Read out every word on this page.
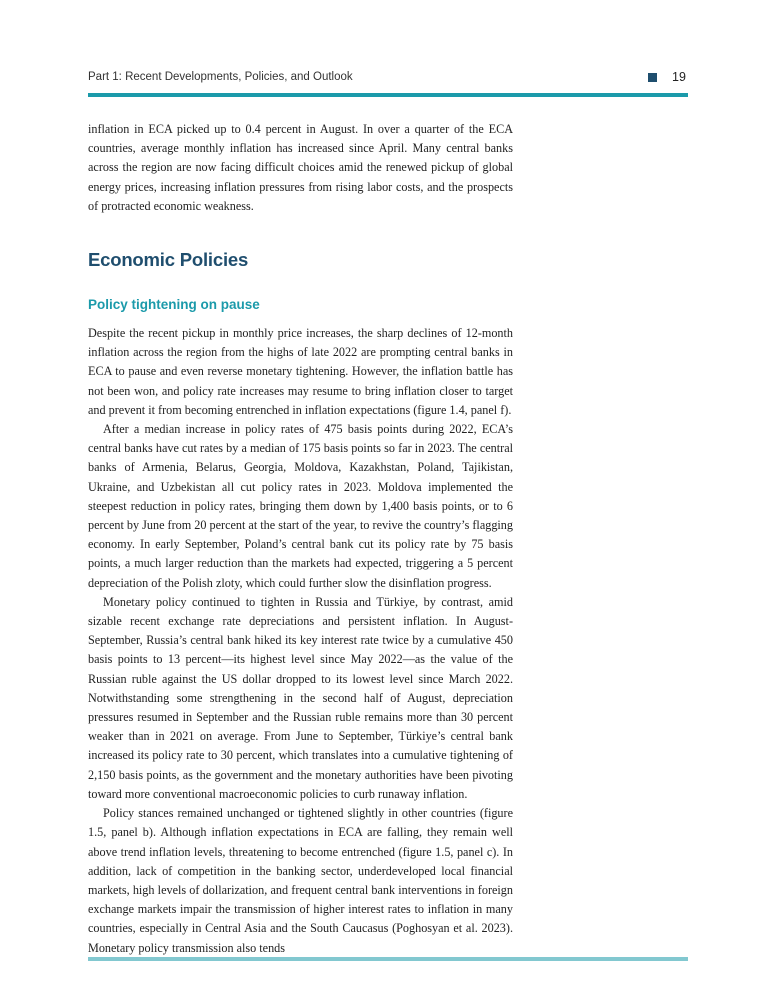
Part 1: Recent Developments, Policies, and Outlook	19

inflation in ECA picked up to 0.4 percent in August. In over a quarter of the ECA countries, average monthly inflation has increased since April. Many central banks across the region are now facing difficult choices amid the renewed pickup of global energy prices, increasing inflation pressures from rising labor costs, and the prospects of protracted economic weakness.

Economic Policies
Policy tightening on pause

Despite the recent pickup in monthly price increases, the sharp declines of 12-month inflation across the region from the highs of late 2022 are prompting central banks in ECA to pause and even reverse monetary tightening. However, the inflation battle has not been won, and policy rate increases may resume to bring inflation closer to target and prevent it from becoming entrenched in inflation expectations (figure 1.4, panel f).

After a median increase in policy rates of 475 basis points during 2022, ECA’s central banks have cut rates by a median of 175 basis points so far in 2023. The central banks of Armenia, Belarus, Georgia, Moldova, Kazakhstan, Poland, Tajikistan, Ukraine, and Uzbekistan all cut policy rates in 2023. Moldova implemented the steepest reduction in policy rates, bringing them down by 1,400 basis points, or to 6 percent by June from 20 percent at the start of the year, to revive the country’s flagging economy. In early September, Poland’s central bank cut its policy rate by 75 basis points, a much larger reduction than the markets had expected, triggering a 5 percent depreciation of the Polish zloty, which could further slow the disinflation progress.

Monetary policy continued to tighten in Russia and Türkiye, by contrast, amid sizable recent exchange rate depreciations and persistent inflation. In August-September, Russia’s central bank hiked its key interest rate twice by a cumulative 450 basis points to 13 percent—its highest level since May 2022—as the value of the Russian ruble against the US dollar dropped to its lowest level since March 2022. Notwithstanding some strengthening in the second half of August, depreciation pressures resumed in September and the Russian ruble remains more than 30 percent weaker than in 2021 on average. From June to September, Türkiye’s central bank increased its policy rate to 30 percent, which translates into a cumulative tightening of 2,150 basis points, as the government and the monetary authorities have been pivoting toward more conventional macroeconomic policies to curb runaway inflation.

Policy stances remained unchanged or tightened slightly in other countries (figure 1.5, panel b). Although inflation expectations in ECA are falling, they remain well above trend inflation levels, threatening to become entrenched (figure 1.5, panel c). In addition, lack of competition in the banking sector, underdeveloped local financial markets, high levels of dollarization, and frequent central bank interventions in foreign exchange markets impair the transmission of higher interest rates to inflation in many countries, especially in Central Asia and the South Caucasus (Poghosyan et al. 2023). Monetary policy transmission also tends
